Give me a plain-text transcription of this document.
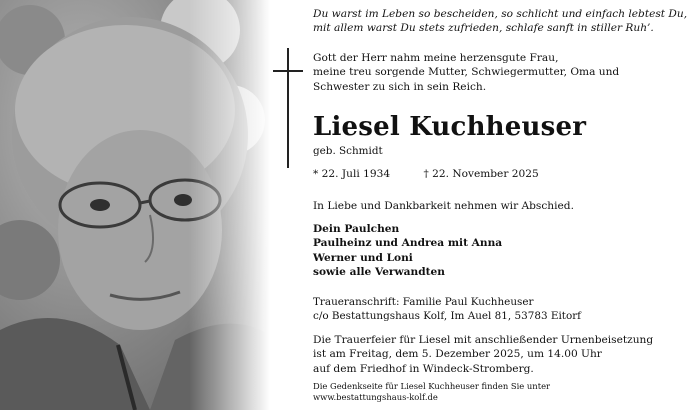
Du warst im Leben so bescheiden, so schlicht und einfach lebtest Du,
mit allem warst Du stets zufrieden, schlafe sanft in stiller Ruh’.
Gott der Herr nahm meine herzensgute Frau,
meine treu sorgende Mutter, Schwiegermutter, Oma und
Schwester zu sich in sein Reich.
Liesel Kuchheuser
geb. Schmidt
* 22. Juli 1934	† 22. November 2025
In Liebe und Dankbarkeit nehmen wir Abschied.
Dein Paulchen
Paulheinz und Andrea mit Anna
Werner und Loni
sowie alle Verwandten
Traueranschrift: Familie Paul Kuchheuser
c/o Bestattungshaus Kolf, Im Auel 81, 53783 Eitorf
Die Trauerfeier für Liesel mit anschließender Urnenbeisetzung
ist am Freitag, dem 5. Dezember 2025, um 14.00 Uhr
auf dem Friedhof in Windeck-Stromberg.
Die Gedenkseite für Liesel Kuchheuser finden Sie unter
www.bestattungshaus-kolf.de
